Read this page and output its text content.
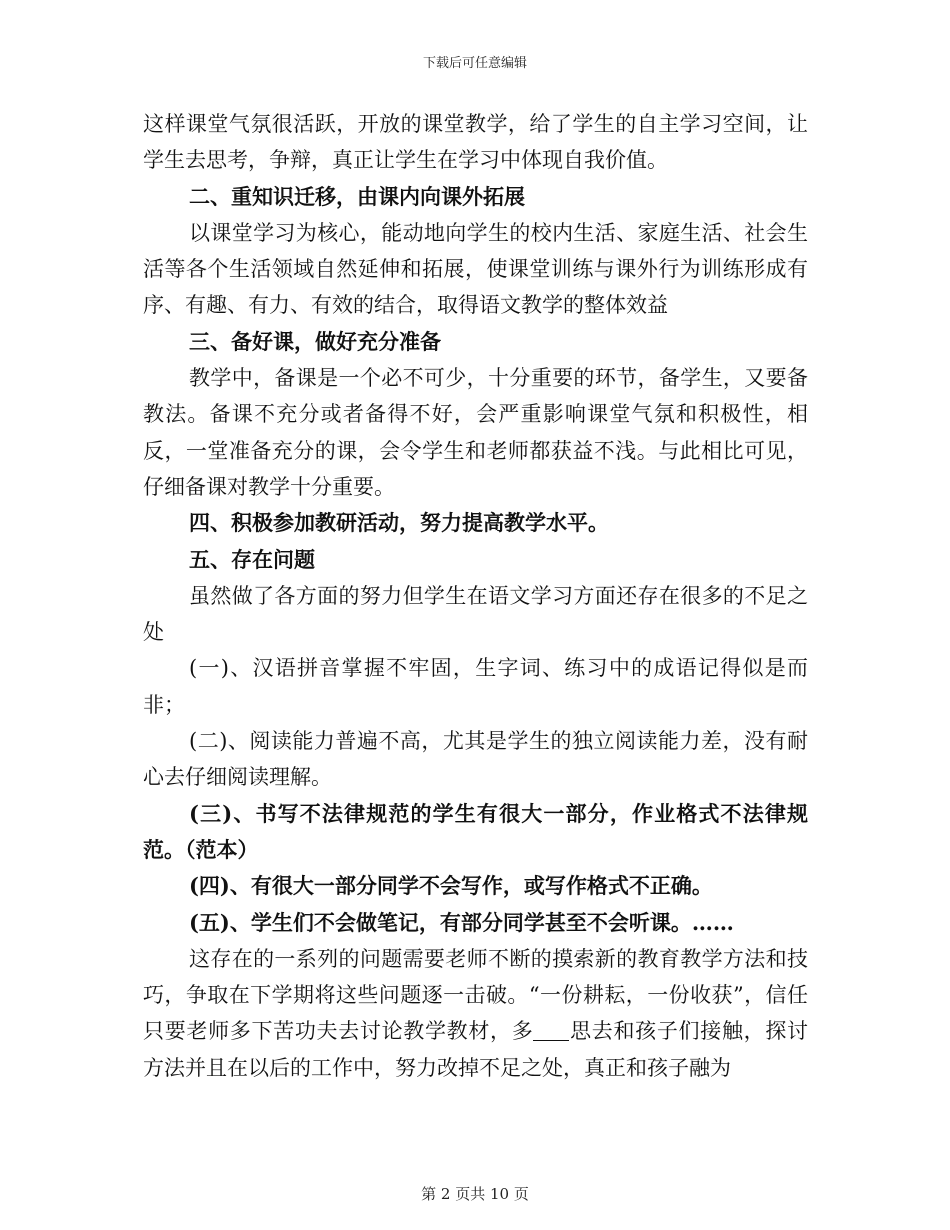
下载后可任意编辑

这样课堂气氛很活跃，开放的课堂教学，给了学生的自主学习空间，让学生去思考，争辩，真正让学生在学习中体现自我价值。

二、重知识迁移，由课内向课外拓展

以课堂学习为核心，能动地向学生的校内生活、家庭生活、社会生活等各个生活领域自然延伸和拓展，使课堂训练与课外行为训练形成有序、有趣、有力、有效的结合，取得语文教学的整体效益

三、备好课，做好充分准备

教学中，备课是一个必不可少，十分重要的环节，备学生，又要备教法。备课不充分或者备得不好，会严重影响课堂气氛和积极性，相反，一堂准备充分的课，会令学生和老师都获益不浅。与此相比可见，仔细备课对教学十分重要。

四、积极参加教研活动，努力提高教学水平。

五、存在问题

虽然做了各方面的努力但学生在语文学习方面还存在很多的不足之处

(一)、汉语拼音掌握不牢固，生字词、练习中的成语记得似是而非；

(二)、阅读能力普遍不高，尤其是学生的独立阅读能力差，没有耐心去仔细阅读理解。

(三)、书写不法律规范的学生有很大一部分，作业格式不法律规范。（范本）

(四)、有很大一部分同学不会写作，或写作格式不正确。

(五)、学生们不会做笔记，有部分同学甚至不会听课。……

这存在的一系列的问题需要老师不断的摸索新的教育教学方法和技巧，争取在下学期将这些问题逐一击破。“一份耕耘，一份收获”，信任只要老师多下苦功夫去讨论教学教材，多 思去和孩子们接触，探讨方法并且在以后的工作中，努力改掉不足之处，真正和孩子融为

第 2 页共 10 页
